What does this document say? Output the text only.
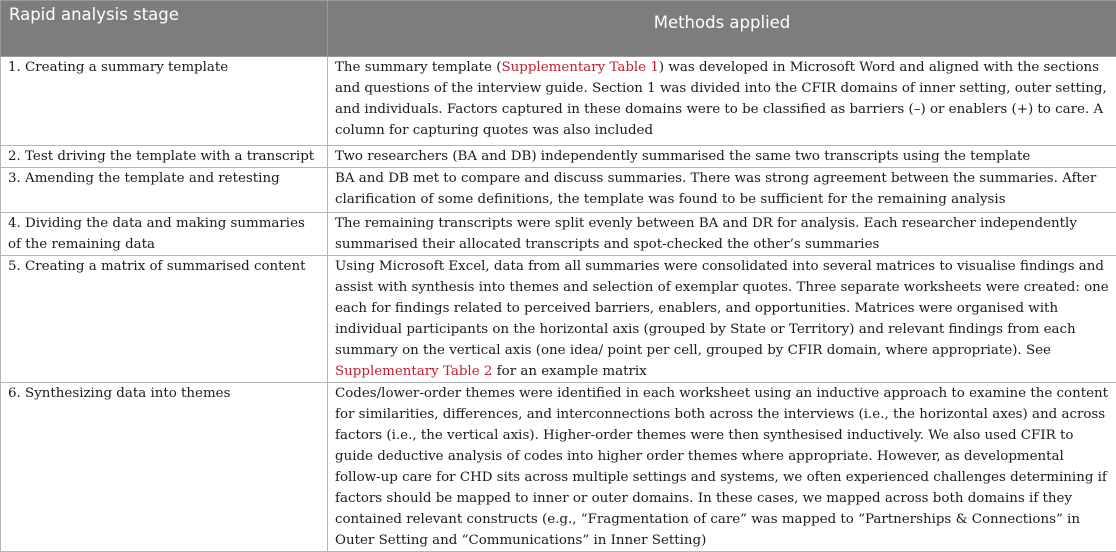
Rapid analysis stage	Methods applied
1. Creating a summary template	The summary template (Supplementary Table 1) was developed in Microsoft Word and aligned with the sections and questions of the interview guide. Section 1 was divided into the CFIR domains of inner setting, outer setting, and individuals. Factors captured in these domains were to be classified as barriers (–) or enablers (+) to care. A column for capturing quotes was also included
2. Test driving the template with a transcript	Two researchers (BA and DB) independently summarised the same two transcripts using the template
3. Amending the template and retesting	BA and DB met to compare and discuss summaries. There was strong agreement between the summaries. After clarification of some definitions, the template was found to be sufficient for the remaining analysis
4. Dividing the data and making summaries of the remaining data	The remaining transcripts were split evenly between BA and DR for analysis. Each researcher independently summarised their allocated transcripts and spot-checked the other’s summaries
5. Creating a matrix of summarised content	Using Microsoft Excel, data from all summaries were consolidated into several matrices to visualise findings and assist with synthesis into themes and selection of exemplar quotes. Three separate worksheets were created: one each for findings related to perceived barriers, enablers, and opportunities. Matrices were organised with individual participants on the horizontal axis (grouped by State or Territory) and relevant findings from each summary on the vertical axis (one idea/ point per cell, grouped by CFIR domain, where appropriate). See Supplementary Table 2 for an example matrix
6. Synthesizing data into themes	Codes/lower-order themes were identified in each worksheet using an inductive approach to examine the content for similarities, differences, and interconnections both across the interviews (i.e., the horizontal axes) and across factors (i.e., the vertical axis). Higher-order themes were then synthesised inductively. We also used CFIR to guide deductive analysis of codes into higher order themes where appropriate. However, as developmental follow-up care for CHD sits across multiple settings and systems, we often experienced challenges determining if factors should be mapped to inner or outer domains. In these cases, we mapped across both domains if they contained relevant constructs (e.g., “Fragmentation of care” was mapped to “Partnerships & Connections” in Outer Setting and “Communications” in Inner Setting)
